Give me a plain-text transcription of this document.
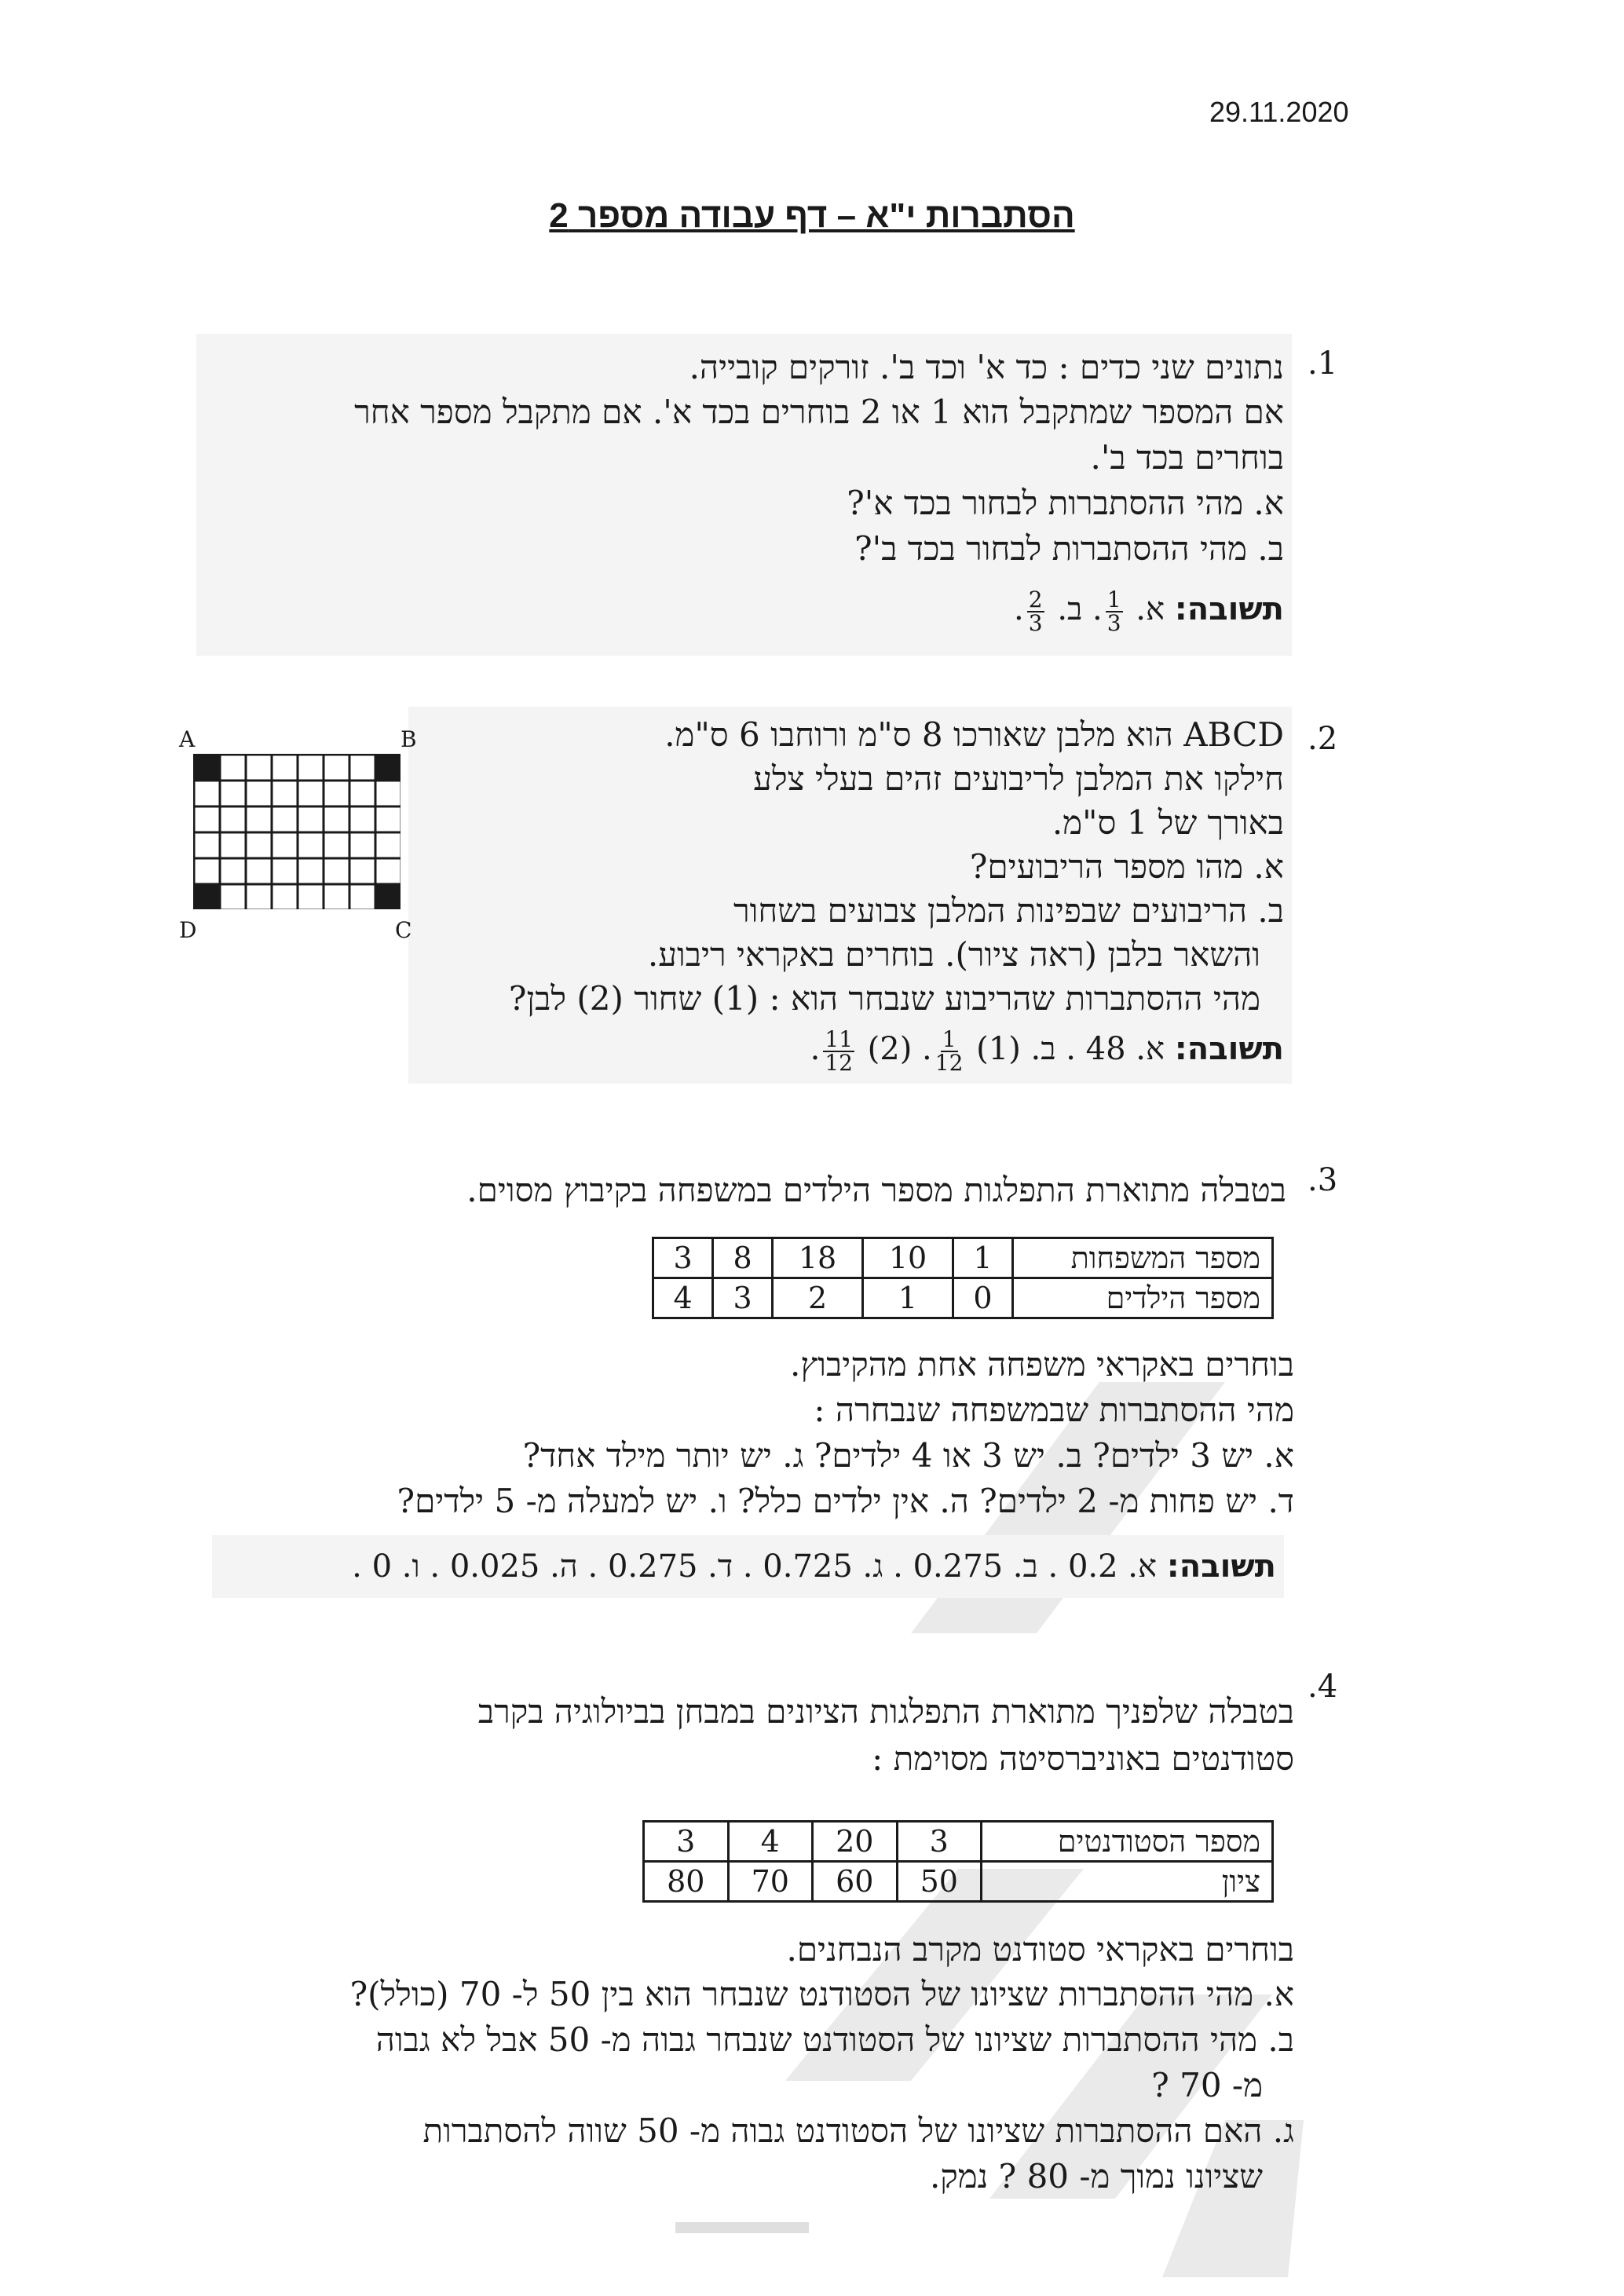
29.11.2020
הסתברות י"א – דף עבודה מספר 2
.1
נתונים שני כדים : כד א' וכד ב'. זורקים קובייה.
אם המספר שמתקבל הוא 1 או 2 בוחרים בכד א'. אם מתקבל מספר אחר
בוחרים בכד ב'.
א. מהי ההסתברות לבחור בכד א'?
ב. מהי ההסתברות לבחור בכד ב'?
תשובה: א.
$\frac{1}{3}$
. ב.
$\frac{2}{3}$
.
.2
ABCD הוא מלבן שאורכו 8 ס"מ ורוחבו 6 ס"מ.
חילקו את המלבן לריבועים זהים בעלי צלע
באורך של 1 ס"מ.
א. מהו מספר הריבועים?
ב. הריבועים שבפינות המלבן צבועים בשחור
והשאר בלבן (ראה ציור). בוחרים באקראי ריבוע.
מהי ההסתברות שהריבוע שנבחר הוא : (1) שחור (2) לבן?
תשובה: א. 48 . ב. (1)
$\frac{1}{12}$
. (2)
$\frac{11}{12}$
.
A	B
D	C
.3
בטבלה מתוארת התפלגות מספר הילדים במשפחה בקיבוץ מסוים.
מספר המשפחות	1	10	18	8	3
מספר הילדים	0	1	2	3	4
בוחרים באקראי משפחה אחת מהקיבוץ.
מהי ההסתברות שבמשפחה שנבחרה :
א. יש 3 ילדים? ב. יש 3 או 4 ילדים? ג. יש יותר מילד אחד?
ד. יש פחות מ- 2 ילדים? ה. אין ילדים כלל? ו. יש למעלה מ- 5 ילדים?
תשובה: א. 0.2 . ב. 0.275 . ג. 0.725 . ד. 0.275 . ה. 0.025 . ו. 0 .
.4
בטבלה שלפניך מתוארת התפלגות הציונים במבחן בביולוגיה בקרב
סטודנטים באוניברסיטה מסוימת :
מספר הסטודנטים	3	20	4	3
ציון	50	60	70	80
בוחרים באקראי סטודנט מקרב הנבחנים.
א. מהי ההסתברות שציונו של הסטודנט שנבחר הוא בין 50 ל- 70 (כולל)?
ב. מהי ההסתברות שציונו של הסטודנט שנבחר גבוה מ- 50 אבל לא גבוה
מ- 70 ?
ג. האם ההסתברות שציונו של הסטודנט גבוה מ- 50 שווה להסתברות
שציונו נמוך מ- 80 ? נמק.
